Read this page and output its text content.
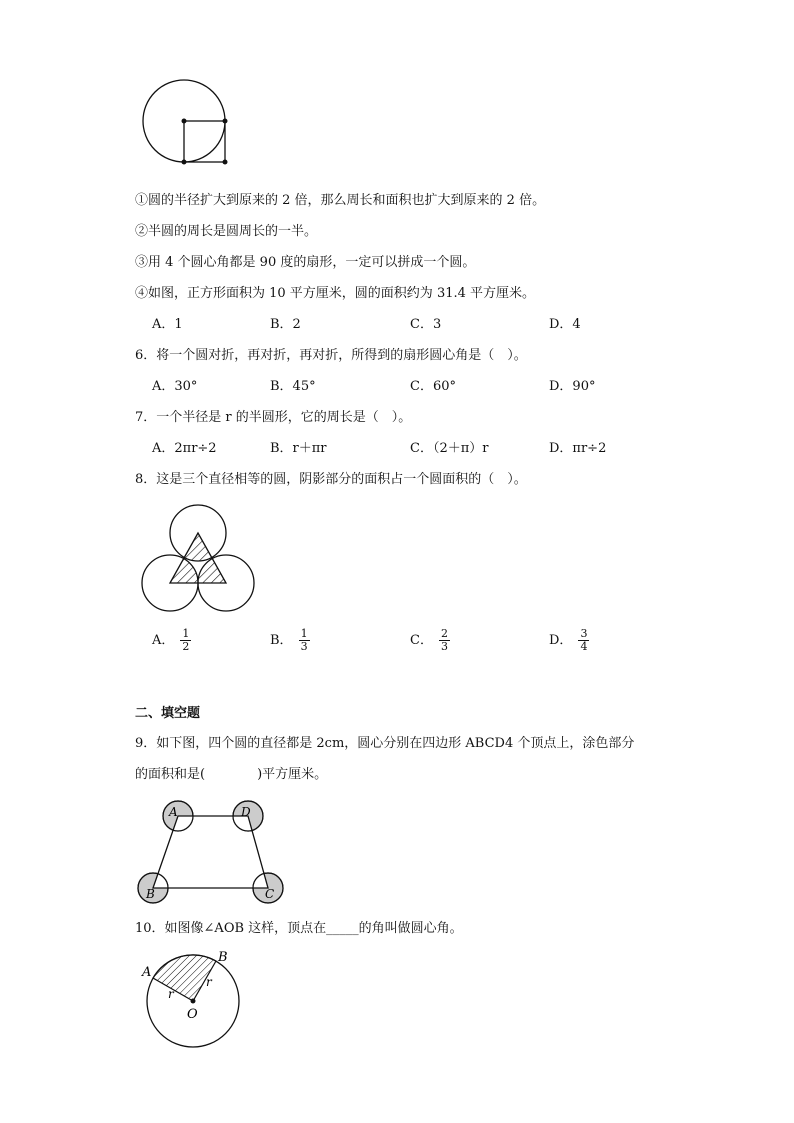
①圆的半径扩大到原来的 2 倍，那么周长和面积也扩大到原来的 2 倍。
②半圆的周长是圆周长的一半。
③用 4 个圆心角都是 90 度的扇形，一定可以拼成一个圆。
④如图，正方形面积为 10 平方厘米，圆的面积约为 31.4 平方厘米。
A．1	B．2	C．3	D．4
6．将一个圆对折，再对折，再对折，所得到的扇形圆心角是（　）。
A．30°	B．45°	C．60°	D．90°
7．一个半径是 r 的半圆形，它的周长是（　）。
A．2πr÷2	B．r＋πr	C．（2＋π）r	D．πr÷2
8．这是三个直径相等的圆，阴影部分的面积占一个圆面积的（　）。
A． $\frac{1}{2}$	B． $\frac{1}{3}$	C． $\frac{2}{3}$	D． $\frac{3}{4}$
二、填空题
9．如下图，四个圆的直径都是 2cm，圆心分别在四边形 ABCD4 个顶点上，涂色部分
的面积和是(　　　　)平方厘米。
A	D
B	C
10．如图像∠AOB 这样，顶点在_____的角叫做圆心角。
A
B
O
r
r
